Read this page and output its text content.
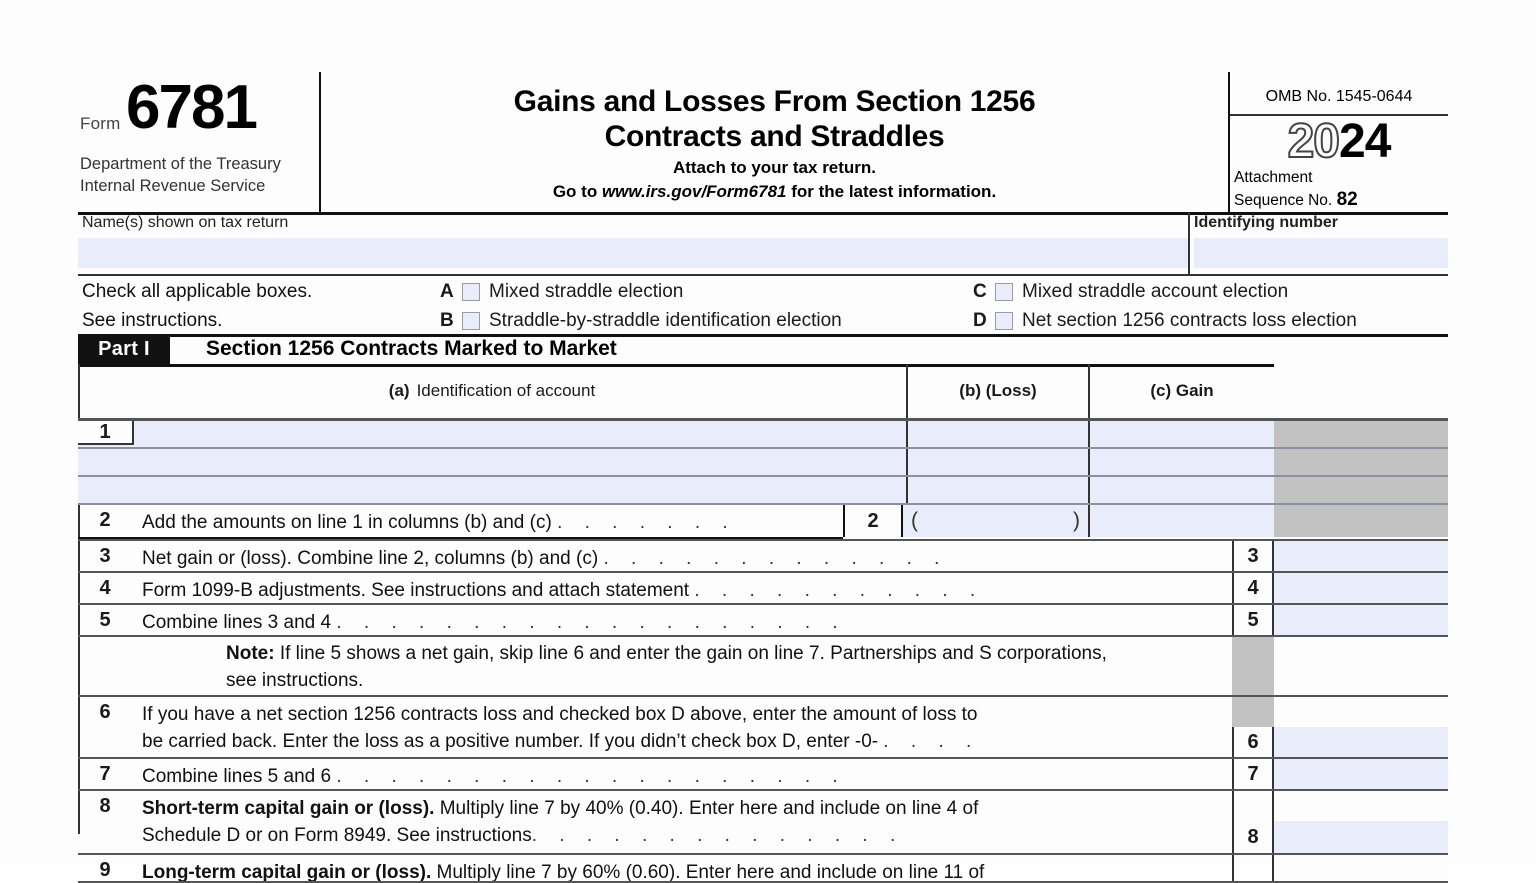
Form 6781
Department of the Treasury
Internal Revenue Service
Gains and Losses From Section 1256
Contracts and Straddles
Attach to your tax return.
Go to www.irs.gov/Form6781 for the latest information.
OMB No. 1545-0644
2024
Attachment
Sequence No. 82
Name(s) shown on tax return	Identifying number
Check all applicable boxes.
See instructions.
A	Mixed straddle election
B	Straddle-by-straddle identification election
C	Mixed straddle account election
D	Net section 1256 contracts loss election
Part I	Section 1256 Contracts Marked to Market
(a) Identification of account	(b) (Loss)	(c) Gain
1
2	Add the amounts on line 1 in columns (b) and (c) . . . . . . .	2	(	)
3	Net gain or (loss). Combine line 2, columns (b) and (c) . . . . . . . . . . . . .	3
4	Form 1099-B adjustments. See instructions and attach statement . . . . . . . . . . .	4
5	Combine lines 3 and 4 . . . . . . . . . . . . . . . . . . .	5
Note: If line 5 shows a net gain, skip line 6 and enter the gain on line 7. Partnerships and S corporations,
see instructions.
6	If you have a net section 1256 contracts loss and checked box D above, enter the amount of loss to
be carried back. Enter the loss as a positive number. If you didn’t check box D, enter -0- . . . .	6
7	Combine lines 5 and 6 . . . . . . . . . . . . . . . . . . .	7
8	Short-term capital gain or (loss). Multiply line 7 by 40% (0.40). Enter here and include on line 4 of
Schedule D or on Form 8949. See instructions. . . . . . . . . . . . . .	8
9	Long-term capital gain or (loss). Multiply line 7 by 60% (0.60). Enter here and include on line 11 of
